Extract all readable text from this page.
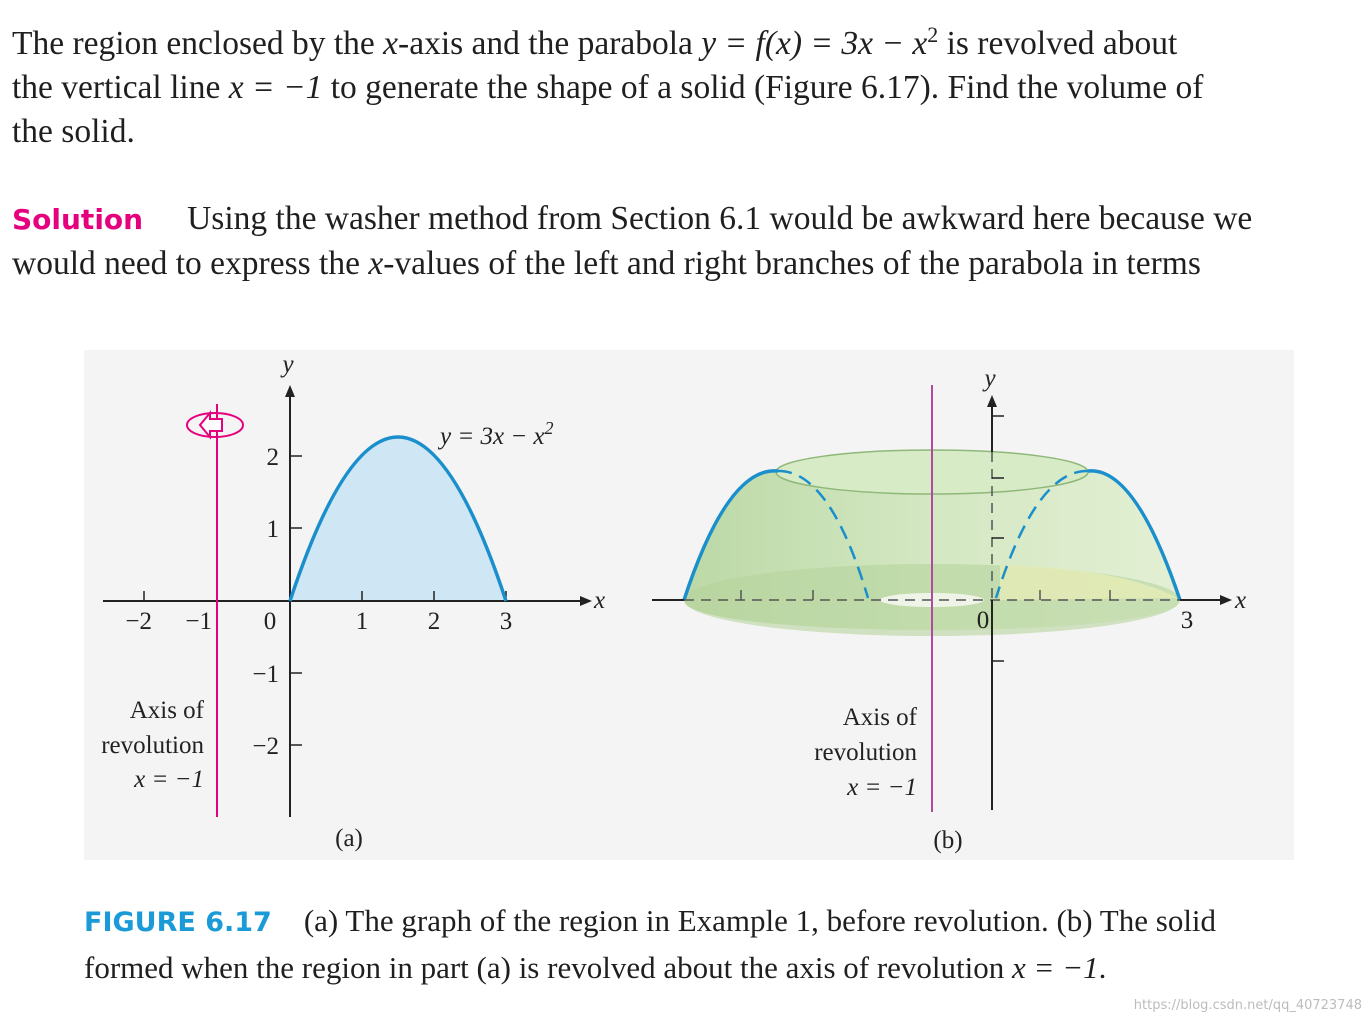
The region enclosed by the x-axis and the parabola $y = f(x) = 3x - x^2$ is revolved about
the vertical line x = −1 to generate the shape of a solid (Figure 6.17). Find the volume of
the solid.

Solution Using the washer method from Section 6.1 would be awkward here because we
would need to express the x-values of the left and right branches of the parabola in terms

−2 −1 0	1 2 3
2
1
−1
−2
y
x
$y = 3x - x^2$
Axis of
revolution
x = −1
(a)
y
x
0	3
Axis of
revolution
x = −1
(b)

FIGURE 6.17 (a) The graph of the region in Example 1, before revolution. (b) The solid
formed when the region in part (a) is revolved about the axis of revolution x = −1.

https://blog.csdn.net/qq_40723748
